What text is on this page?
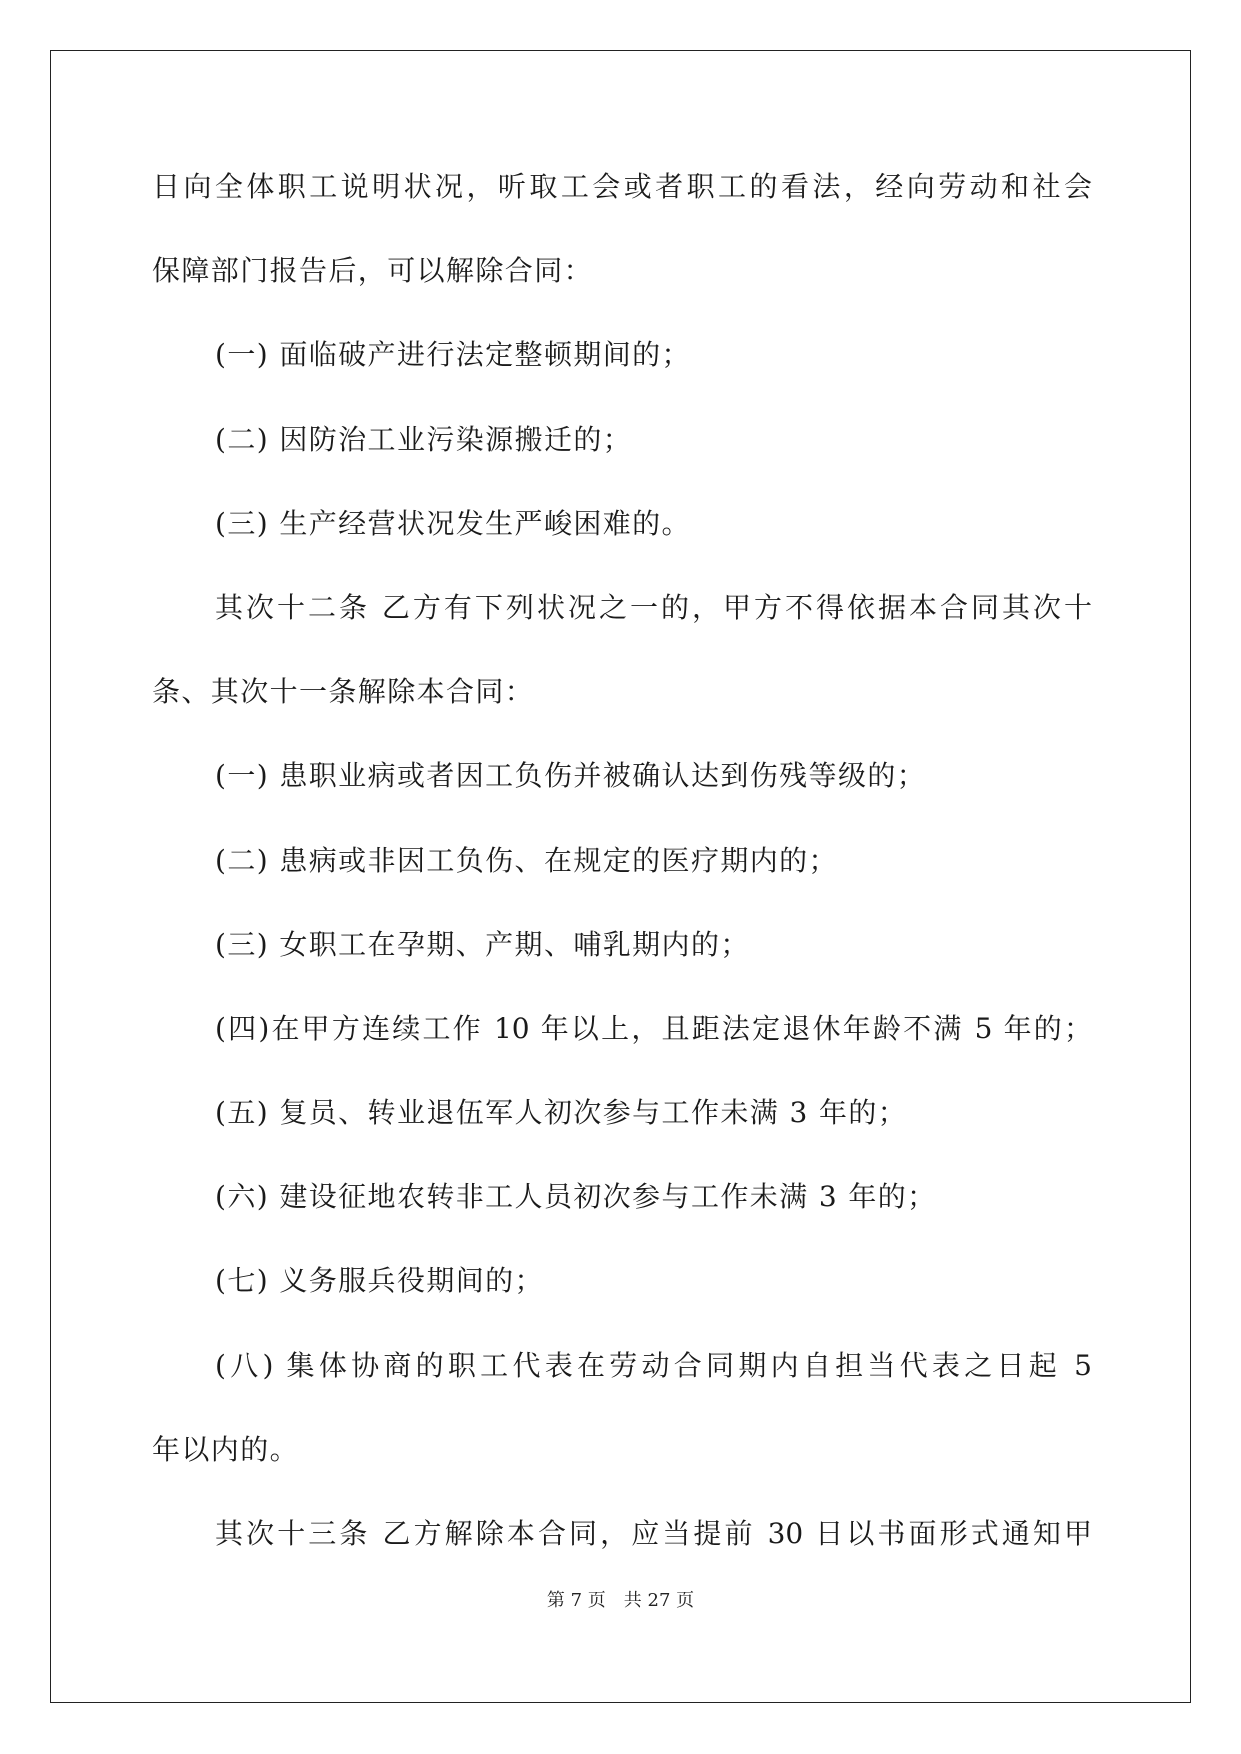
日向全体职工说明状况，听取工会或者职工的看法，经向劳动和社会

保障部门报告后，可以解除合同：

(一) 面临破产进行法定整顿期间的；

(二) 因防治工业污染源搬迁的；

(三) 生产经营状况发生严峻困难的。

其次十二条 乙方有下列状况之一的，甲方不得依据本合同其次十

条、其次十一条解除本合同：

(一) 患职业病或者因工负伤并被确认达到伤残等级的；

(二) 患病或非因工负伤、在规定的医疗期内的；

(三) 女职工在孕期、产期、哺乳期内的；

(四)在甲方连续工作 10 年以上，且距法定退休年龄不满 5 年的；

(五) 复员、转业退伍军人初次参与工作未满 3 年的；

(六) 建设征地农转非工人员初次参与工作未满 3 年的；

(七) 义务服兵役期间的；

(八) 集体协商的职工代表在劳动合同期内自担当代表之日起 5

年以内的。

其次十三条 乙方解除本合同，应当提前 30 日以书面形式通知甲

第 7 页　共 27 页
